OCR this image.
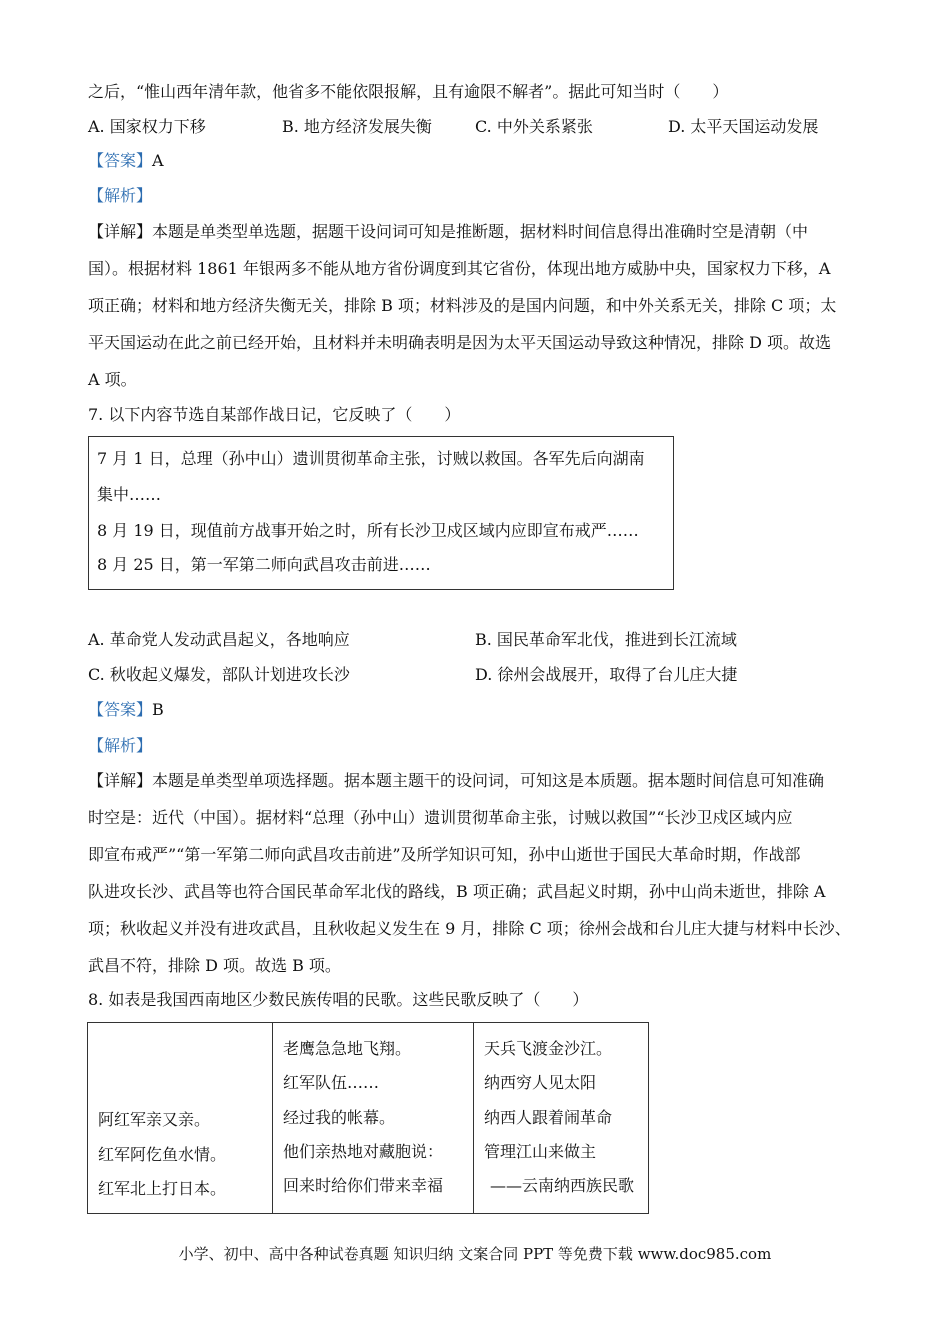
之后，“惟山西年清年款，他省多不能依限报解，且有逾限不解者”。据此可知当时（　　）
A. 国家权力下移	B. 地方经济发展失衡	C. 中外关系紧张	D. 太平天国运动发展
【答案】A
【解析】
【详解】本题是单类型单选题，据题干设问词可知是推断题，据材料时间信息得出准确时空是清朝（中
国）。根据材料 1861 年银两多不能从地方省份调度到其它省份，体现出地方威胁中央，国家权力下移，A
项正确；材料和地方经济失衡无关，排除 B 项；材料涉及的是国内问题，和中外关系无关，排除 C 项；太
平天国运动在此之前已经开始，且材料并未明确表明是因为太平天国运动导致这种情况，排除 D 项。故选
A 项。
7. 以下内容节选自某部作战日记，它反映了（　　）
7 月 1 日，总理（孙中山）遗训贯彻革命主张，讨贼以救国。各军先后向湖南
集中……
8 月 19 日，现值前方战事开始之时，所有长沙卫戍区域内应即宣布戒严……
8 月 25 日，第一军第二师向武昌攻击前进……
A. 革命党人发动武昌起义，各地响应	B. 国民革命军北伐，推进到长江流域
C. 秋收起义爆发，部队计划进攻长沙	D. 徐州会战展开，取得了台儿庄大捷
【答案】B
【解析】
【详解】本题是单类型单项选择题。据本题主题干的设问词，可知这是本质题。据本题时间信息可知准确
时空是：近代（中国）。据材料“总理（孙中山）遗训贯彻革命主张，讨贼以救国”“长沙卫戍区域内应
即宣布戒严”“第一军第二师向武昌攻击前进”及所学知识可知，孙中山逝世于国民大革命时期，作战部
队进攻长沙、武昌等也符合国民革命军北伐的路线，B 项正确；武昌起义时期，孙中山尚未逝世，排除 A
项；秋收起义并没有进攻武昌，且秋收起义发生在 9 月，排除 C 项；徐州会战和台儿庄大捷与材料中长沙、
武昌不符，排除 D 项。故选 B 项。
8. 如表是我国西南地区少数民族传唱的民歌。这些民歌反映了（　　）
阿红军亲又亲。
红军阿仡鱼水情。
红军北上打日本。

老鹰急急地飞翔。
红军队伍……
经过我的帐幕。
他们亲热地对藏胞说：
回来时给你们带来幸福

天兵飞渡金沙江。
纳西穷人见太阳
纳西人跟着闹革命
管理江山来做主
——云南纳西族民歌
小学、初中、高中各种试卷真题 知识归纳 文案合同 PPT 等免费下载 www.doc985.com
